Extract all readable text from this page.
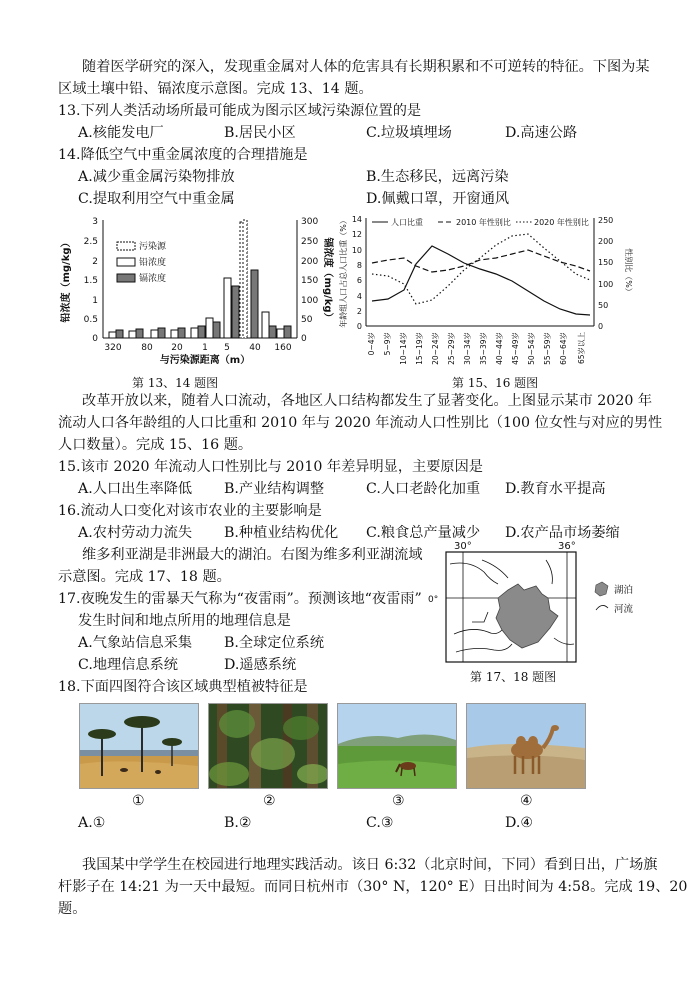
随着医学研究的深入，发现重金属对人体的危害具有长期积累和不可逆转的特征。下图为某
区域土壤中铅、镉浓度示意图。完成 13、14 题。
13.下列人类活动场所最可能成为图示区域污染源位置的是
A.核能发电厂	B.居民小区	C.垃圾填埋场	D.高速公路
14.降低空气中重金属浓度的合理措施是
A.减少重金属污染物排放	B.生态移民，远离污染
C.提取利用空气中重金属	D.佩戴口罩，开窗通风
0
0.5
1
1.5
2
2.5
3
0
50
100
150
200
250
300
铅浓度（mg/kg）	镉浓度（mg/kg）
污染源
铅浓度
镉浓度
320 80 20 1 5 40 160
与污染源距离（m）
0
2
4
6
8
10
12
14
0
50
100
150
200
250
年龄组人口占总人口比重（%）	性别比（%）
人口比重	2010 年性别比	2020 年性别比
0~4岁 5~9岁 10~14岁 15~19岁 20~24岁 25~29岁 30~34岁 35~39岁 40~44岁 45~49岁 50~54岁 55~59岁 60~64岁 65岁以上
第 13、14 题图	第 15、16 题图
改革开放以来，随着人口流动，各地区人口结构都发生了显著变化。上图显示某市 2020 年
流动人口各年龄组的人口比重和 2010 年与 2020 年流动人口性别比（100 位女性与对应的男性
人口数量）。完成 15、16 题。
15.该市 2020 年流动人口性别比与 2010 年差异明显，主要原因是
A.人口出生率降低 B.产业结构调整	C.人口老龄化加重 D.教育水平提高
16.流动人口变化对该市农业的主要影响是
A.农村劳动力流失 B.种植业结构优化 C.粮食总产量减少 D.农产品市场萎缩
维多利亚湖是非洲最大的湖泊。右图为维多利亚湖流域
示意图。完成 17、18 题。
17.夜晚发生的雷暴天气称为“夜雷雨”。预测该地“夜雷雨”
发生时间和地点所用的地理信息是
A.气象站信息采集 B.全球定位系统
C.地理信息系统	D.遥感系统
30°	36°
0°
湖泊
河流
第 17、18 题图
18.下面四图符合该区域典型植被特征是
①	②	③	④
A.①	B.②	C.③	D.④
我国某中学学生在校园进行地理实践活动。该日 6:32（北京时间，下同）看到日出，广场旗
杆影子在 14:21 为一天中最短。而同日杭州市（30° N，120° E）日出时间为 4:58。完成 19、20
题。
